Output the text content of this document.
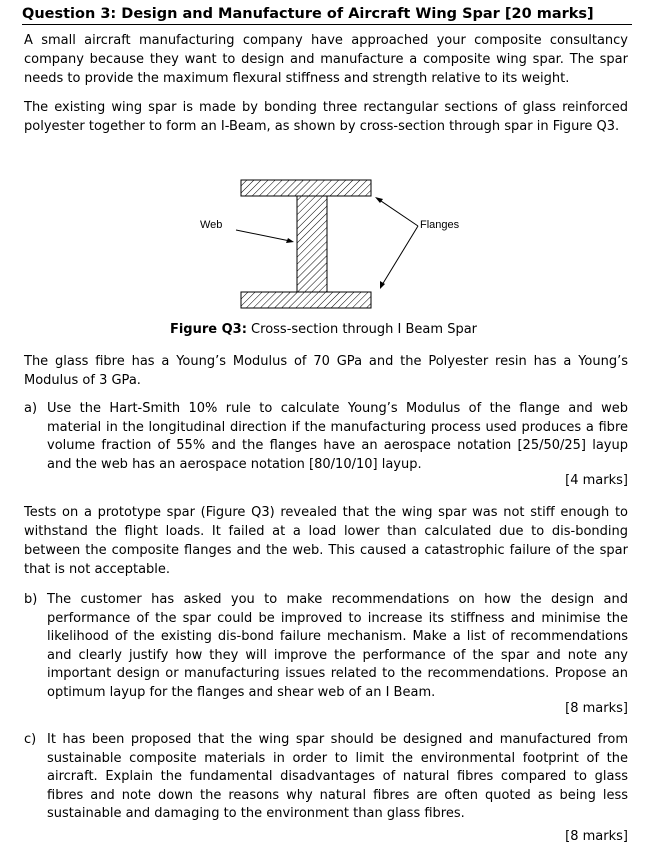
Question 3: Design and Manufacture of Aircraft Wing Spar [20 marks]
A small aircraft manufacturing company have approached your composite consultancy company because they want to design and manufacture a composite wing spar. The spar needs to provide the maximum flexural stiffness and strength relative to its weight.
The existing wing spar is made by bonding three rectangular sections of glass reinforced polyester together to form an I-Beam, as shown by cross-section through spar in Figure Q3.
Web	Flanges
Figure Q3: Cross-section through I Beam Spar
The glass fibre has a Young’s Modulus of 70 GPa and the Polyester resin has a Young’s Modulus of 3 GPa.
a) Use the Hart-Smith 10% rule to calculate Young’s Modulus of the flange and web material in the longitudinal direction if the manufacturing process used produces a fibre volume fraction of 55% and the flanges have an aerospace notation [25/50/25] layup and the web has an aerospace notation [80/10/10] layup.
[4 marks]
Tests on a prototype spar (Figure Q3) revealed that the wing spar was not stiff enough to withstand the flight loads. It failed at a load lower than calculated due to dis-bonding between the composite flanges and the web. This caused a catastrophic failure of the spar that is not acceptable.
b) The customer has asked you to make recommendations on how the design and performance of the spar could be improved to increase its stiffness and minimise the likelihood of the existing dis-bond failure mechanism. Make a list of recommendations and clearly justify how they will improve the performance of the spar and note any important design or manufacturing issues related to the recommendations. Propose an optimum layup for the flanges and shear web of an I Beam.
[8 marks]
c) It has been proposed that the wing spar should be designed and manufactured from sustainable composite materials in order to limit the environmental footprint of the aircraft. Explain the fundamental disadvantages of natural fibres compared to glass fibres and note down the reasons why natural fibres are often quoted as being less sustainable and damaging to the environment than glass fibres.
[8 marks]
